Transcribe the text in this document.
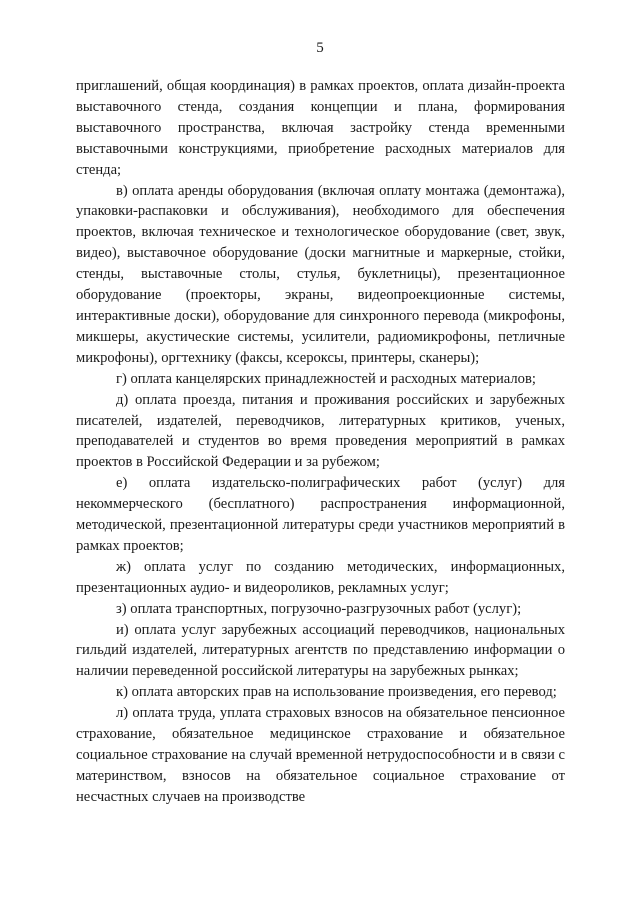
5

приглашений, общая координация) в рамках проектов, оплата дизайн-проекта выставочного стенда, создания концепции и плана, формирования выставочного пространства, включая застройку стенда временными выставочными конструкциями, приобретение расходных материалов для стенда;

в) оплата аренды оборудования (включая оплату монтажа (демонтажа), упаковки-распаковки и обслуживания), необходимого для обеспечения проектов, включая техническое и технологическое оборудование (свет, звук, видео), выставочное оборудование (доски магнитные и маркерные, стойки, стенды, выставочные столы, стулья, буклетницы), презентационное оборудование (проекторы, экраны, видеопроекционные системы, интерактивные доски), оборудование для синхронного перевода (микрофоны, микшеры, акустические системы, усилители, радиомикрофоны, петличные микрофоны), оргтехнику (факсы, ксероксы, принтеры, сканеры);

г) оплата канцелярских принадлежностей и расходных материалов;

д) оплата проезда, питания и проживания российских и зарубежных писателей, издателей, переводчиков, литературных критиков, ученых, преподавателей и студентов во время проведения мероприятий в рамках проектов в Российской Федерации и за рубежом;

е) оплата издательско-полиграфических работ (услуг) для некоммерческого (бесплатного) распространения информационной, методической, презентационной литературы среди участников мероприятий в рамках проектов;

ж) оплата услуг по созданию методических, информационных, презентационных аудио- и видеороликов, рекламных услуг;

з) оплата транспортных, погрузочно-разгрузочных работ (услуг);

и) оплата услуг зарубежных ассоциаций переводчиков, национальных гильдий издателей, литературных агентств по представлению информации о наличии переведенной российской литературы на зарубежных рынках;

к) оплата авторских прав на использование произведения, его перевод;

л) оплата труда, уплата страховых взносов на обязательное пенсионное страхование, обязательное медицинское страхование и обязательное социальное страхование на случай временной нетрудоспособности и в связи с материнством, взносов на обязательное социальное страхование от несчастных случаев на производстве
